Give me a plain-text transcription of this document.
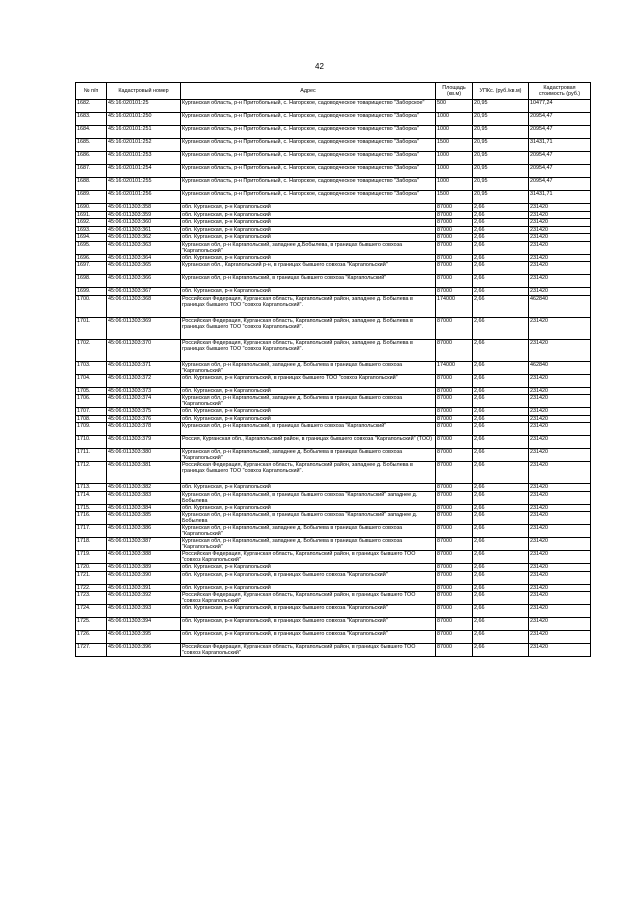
42
№ п/п	Кадастровый номер	Адрес	Площадь (кв.м)	УПКс. (руб./кв.м)	Кадастровая стоимость (руб.)
1682.	45:16:020101:25	Курганская область, р-н Притобольный, с. Нагорское, садоводческое товарищество "Заборское"	500	20,95	10477,24
1683.	45:16:020101:250	Курганская область, р-н Притобольный, с. Нагорское, садоводческое товарищество "Заборка"	1000	20,95	20954,47
1684.	45:16:020101:251	Курганская область, р-н Притобольный, с. Нагорское, садоводческое товарищество "Заборка"	1000	20,95	20954,47
1685.	45:16:020101:252	Курганская область, р-н Притобольный, с. Нагорское, садоводческое товарищество "Заборка"	1500	20,95	31431,71
1686.	45:16:020101:253	Курганская область, р-н Притобольный, с. Нагорское, садоводческое товарищество "Заборка"	1000	20,95	20954,47
1687.	45:16:020101:254	Курганская область, р-н Притобольный, с. Нагорское, садоводческое товарищество "Заборка"	1000	20,95	20954,47
1688.	45:16:020101:255	Курганская область, р-н Притобольный, с. Нагорское, садоводческое товарищество "Заборка"	1000	20,95	20954,47
1689.	45:16:020101:256	Курганская область, р-н Притобольный, с. Нагорское, садоводческое товарищество "Заборка"	1500	20,95	31431,71
1690.	45:06:011303:358	обл. Курганская, р-н Каргапольский	87000	2,66	231420
1691.	45:06:011303:359	обл. Курганская, р-н Каргапольский	87000	2,66	231420
1692.	45:06:011303:360	обл. Курганская, р-н Каргапольский	87000	2,66	231420
1693.	45:06:011303:361	обл. Курганская, р-н Каргапольский	87000	2,66	231420
1694.	45:06:011303:362	обл. Курганская, р-н Каргапольский	87000	2,66	231420
1695.	45:06:011303:363	Курганская обл, р-н Каргапольский, западнее д.Бобылева, в границах бывшего совхоза "Каргапольский"	87000	2,66	231420
1696.	45:06:011303:364	обл. Курганская, р-н Каргапольский	87000	2,66	231420
1697.	45:06:011303:365	Курганская обл., Каргапольский р-н, в границах бывшего совхоза "Каргапольский"	87000	2,66	231420
1698.	45:06:011303:366	Курганская обл, р-н Каргапольский, в границах бывшего совхоза "Каргапольский"	87000	2,66	231420
1699.	45:06:011303:367	обл. Курганская, р-н Каргапольский	87000	2,66	231420
1700.	45:06:011303:368	Российская Федерация, Курганская область, Каргапольский район, западнее д. Бобылева в границах бывшего ТОО "совхоз Каргапольский".	174000	2,66	462840
1701.	45:06:011303:369	Российская Федерация, Курганская область, Каргапольский район, западнее д. Бобылева в границах бывшего ТОО "совхоз Каргапольский".	87000	2,66	231420
1702.	45:06:011303:370	Российская Федерация, Курганская область, Каргапольский район, западнее д. Бобылева в границах бывшего ТОО "совхоз Каргапольский".	87000	2,66	231420
1703.	45:06:011303:371	Курганская обл, р-н Каргапольский, западнее д. Бобылева в границах бывшего совхоза "Каргапольский"	174000	2,66	462840
1704.	45:06:011303:372	обл. Курганская, р-н Каргапольский, в границах бывшего ТОО "совхоз Каргапольский"	87000	2,66	231420
1705.	45:06:011303:373	обл. Курганская, р-н Каргапольский	87000	2,66	231420
1706.	45:06:011303:374	Курганская обл, р-н Каргапольский, западнее д. Бобылева в границах бывшего совхоза "Каргапольский"	87000	2,66	231420
1707.	45:06:011303:375	обл. Курганская, р-н Каргапольский	87000	2,66	231420
1708.	45:06:011303:376	обл. Курганская, р-н Каргапольский	87000	2,66	231420
1709.	45:06:011303:378	Курганская обл, р-н Каргапольский, в границах бывшего совхоза "Каргапольский"	87000	2,66	231420
1710.	45:06:011303:379	Россия, Курганская обл., Каргапольский район, в границах бывшего совхоза "Каргапольский" (ТОО)	87000	2,66	231420
1711.	45:06:011303:380	Курганская обл, р-н Каргапольский, западнее д. Бобылева в границах бывшего совхоза "Каргапольский"	87000	2,66	231420
1712.	45:06:011303:381	Российская Федерация, Курганская область, Каргапольский район, западнее д. Бобылева в границах бывшего ТОО "совхоз Каргапольский".	87000	2,66	231420
1713.	45:06:011303:382	обл. Курганская, р-н Каргапольский	87000	2,66	231420
1714.	45:06:011303:383	Курганская обл, р-н Каргапольский, в границах бывшего совхоза "Каргапольский" западнее д. Бобылева	87000	2,66	231420
1715.	45:06:011303:384	обл. Курганская, р-н Каргапольский	87000	2,66	231420
1716.	45:06:011303:385	Курганская обл, р-н Каргапольский, в границах бывшего совхоза "Каргапольский" западнее д. Бобылева	87000	2,66	231420
1717.	45:06:011303:386	Курганская обл, р-н Каргапольский, западнее д. Бобылева в границах бывшего совхоза "Каргапольский"	87000	2,66	231420
1718.	45:06:011303:387	Курганская обл, р-н Каргапольский, западнее д. Бобылева в границах бывшего совхоза "Каргапольский"	87000	2,66	231420
1719.	45:06:011303:388	Российская Федерация, Курганская область, Каргапольский район, в границах бывшего ТОО "совхоз Каргапольский"	87000	2,66	231420
1720.	45:06:011303:389	обл. Курганская, р-н Каргапольский	87000	2,66	231420
1721.	45:06:011303:390	обл. Курганская, р-н Каргапольский, в границах бывшего совхоза "Каргапольский"	87000	2,66	231420
1722.	45:06:011303:391	обл. Курганская, р-н Каргапольский	87000	2,66	231420
1723.	45:06:011303:392	Российская Федерация, Курганская область, Каргапольский район, в границах бывшего ТОО "совхоз Каргапольский"	87000	2,66	231420
1724.	45:06:011303:393	обл. Курганская, р-н Каргапольский, в границах бывшего совхоза "Каргапольский"	87000	2,66	231420
1725.	45:06:011303:394	обл. Курганская, р-н Каргапольский, в границах бывшего совхоза "Каргапольский"	87000	2,66	231420
1726.	45:06:011303:395	обл. Курганская, р-н Каргапольский, в границах бывшего совхоза "Каргапольский"	87000	2,66	231420
1727.	45:06:011303:396	Российская Федерация, Курганская область, Каргапольский район, в границах бывшего ТОО "совхоз Каргапольский"	87000	2,66	231420
